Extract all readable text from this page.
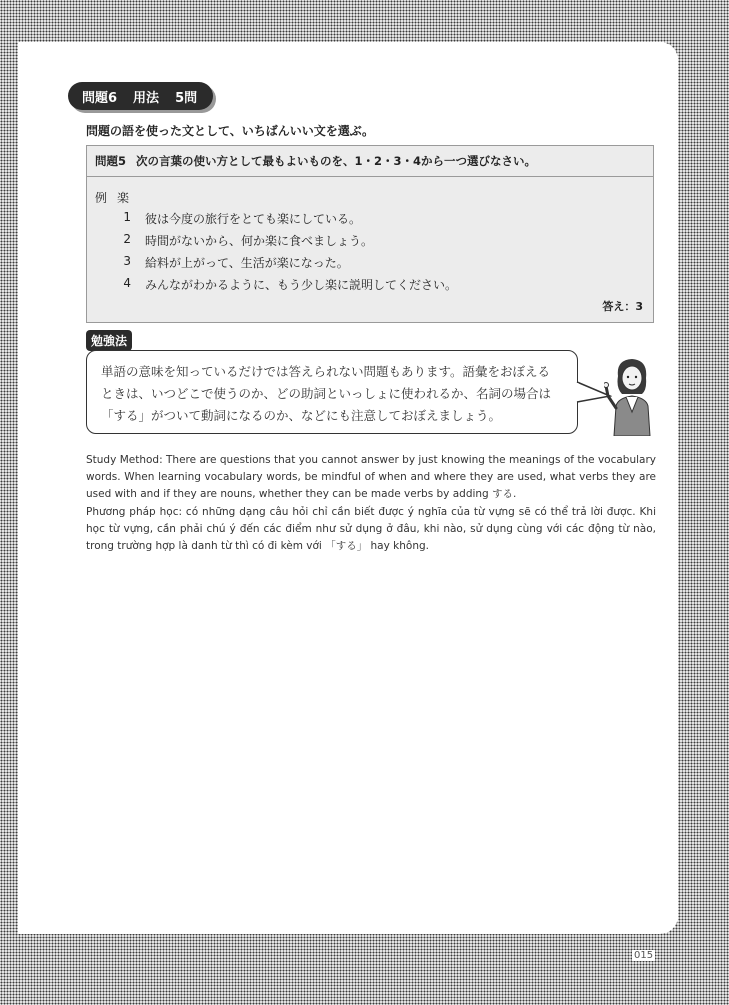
問題6 用法 5問
問題の語を使った文として、いちばんいい文を選ぶ。
問題5 次の言葉の使い方として最もよいものを、1・2・3・4から一つ選びなさい。
例 楽
1 彼は今度の旅行をとても楽にしている。
2 時間がないから、何か楽に食べましょう。
3 給料が上がって、生活が楽になった。
4 みんながわかるように、もう少し楽に説明してください。
答え：3
勉強法
単語の意味を知っているだけでは答えられない問題もあります。語彙をおぼえる
ときは、いつどこで使うのか、どの助詞といっしょに使われるか、名詞の場合は
「する」がついて動詞になるのか、などにも注意しておぼえましょう。
Study Method: There are questions that you cannot answer by just knowing the meanings of the vocabulary words. When learning vocabulary words, be mindful of when and where they are used, what verbs they are used with and if they are nouns, whether they can be made verbs by adding する.
Phương pháp học: có những dạng câu hỏi chỉ cần biết được ý nghĩa của từ vựng sẽ có thể trả lời được. Khi học từ vựng, cần phải chú ý đến các điểm như sử dụng ở đâu, khi nào, sử dụng cùng với các động từ nào, trong trường hợp là danh từ thì có đi kèm với 「する」 hay không.
015
